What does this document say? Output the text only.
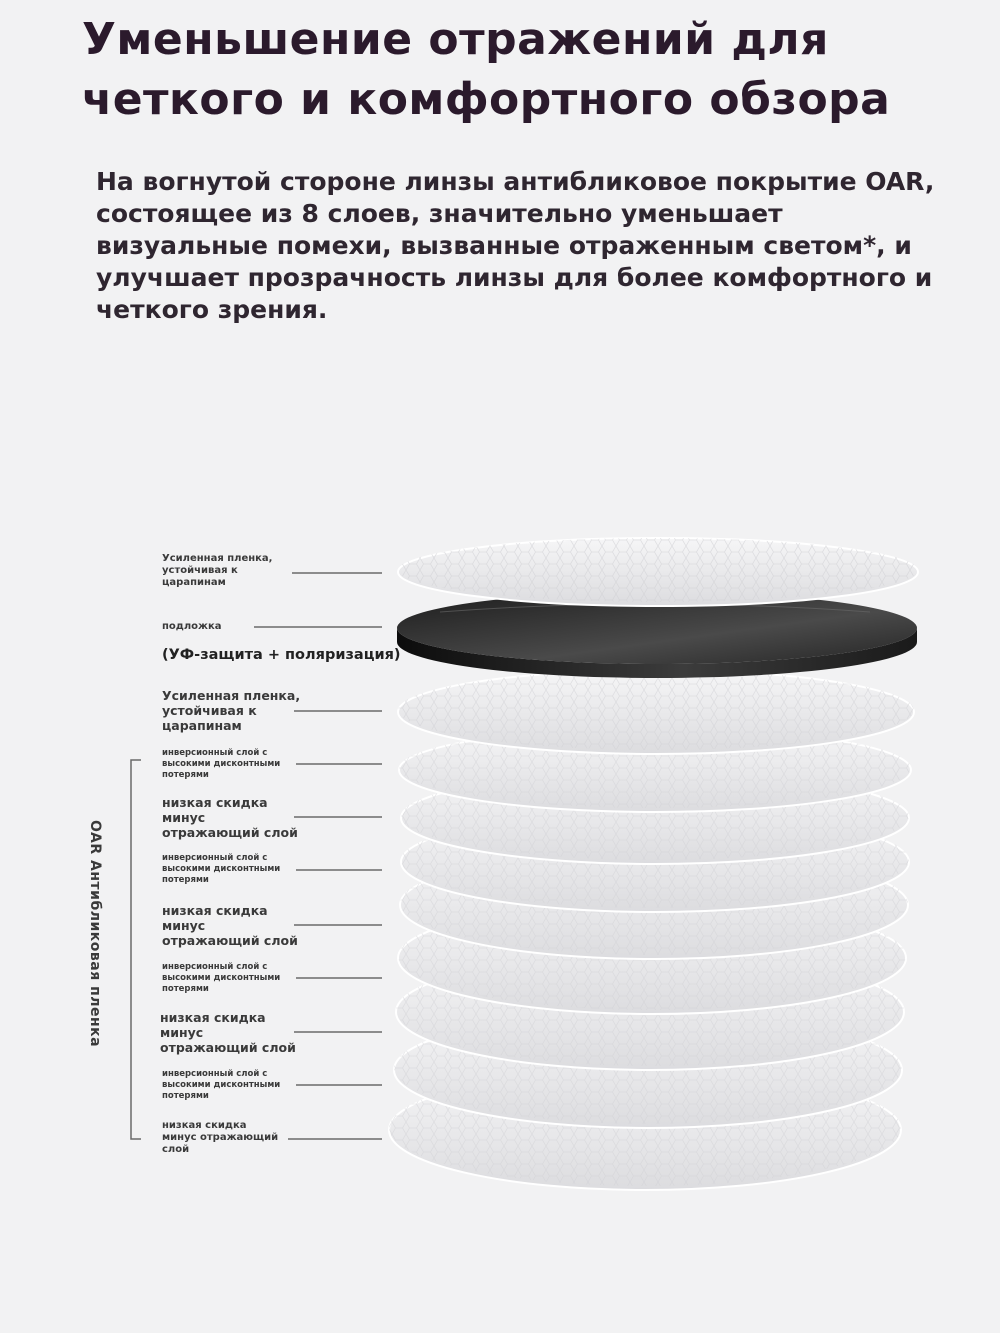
Уменьшение отражений для четкого и комфортного обзора

На вогнутой стороне линзы антибликовое покрытие OAR, состоящее из 8 слоев, значительно уменьшает визуальные помехи, вызванные отраженным светом*, и улучшает прозрачность линзы для более комфортного и четкого зрения.

Усиленная пленка,
устойчивая к
царапинам

подложка

(УФ-защита + поляризация)

Усиленная пленка,
устойчивая к
царапинам

инверсионный слой с
высокими дисконтными
потерями

низкая скидка
минус
отражающий слой

инверсионный слой с
высокими дисконтными
потерями

низкая скидка
минус
отражающий слой

инверсионный слой с
высокими дисконтными
потерями

низкая скидка
минус
отражающий слой

инверсионный слой с
высокими дисконтными
потерями

низкая скидка
минус отражающий
слой

OAR Антибликовая пленка
